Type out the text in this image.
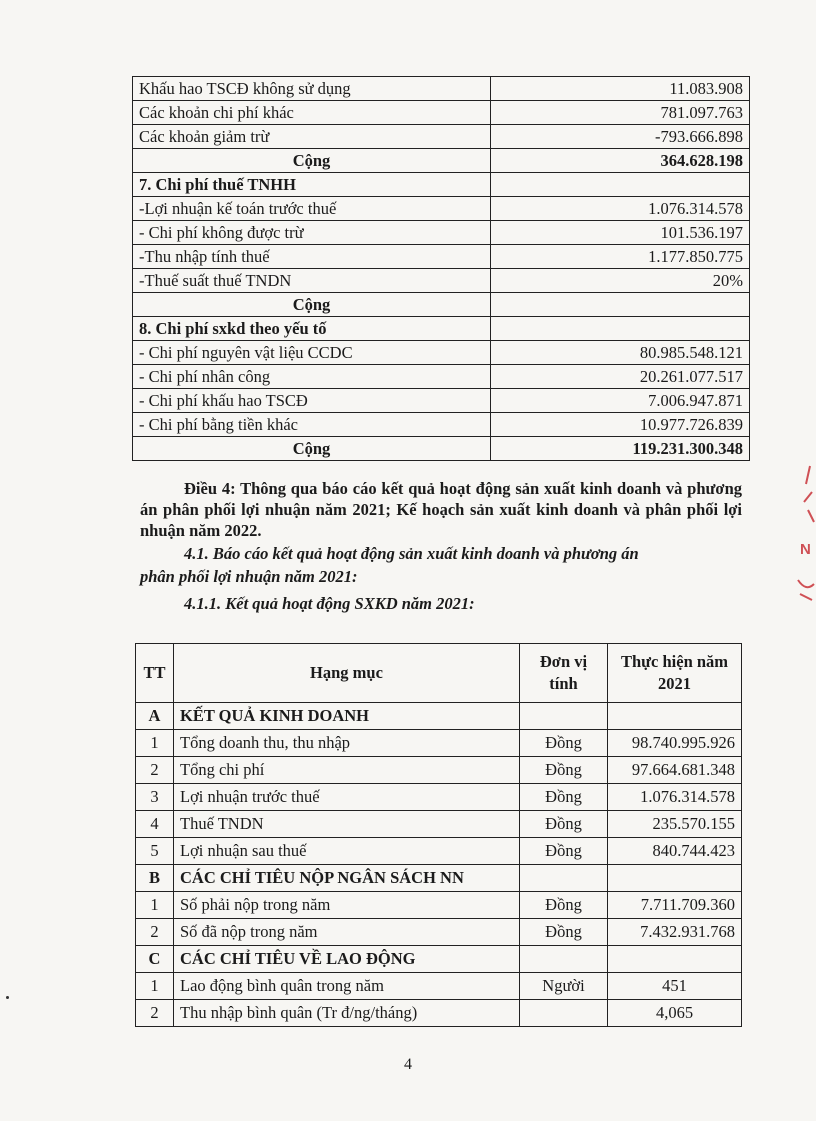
Khấu hao TSCĐ không sử dụng	11.083.908
Các khoản chi phí khác	781.097.763
Các khoản giảm trừ	-793.666.898
Cộng	364.628.198
7. Chi phí thuế TNHH	
-Lợi nhuận kế toán trước thuế	1.076.314.578
- Chi phí không được trừ	101.536.197
-Thu nhập tính thuế	1.177.850.775
-Thuế suất thuế TNDN	20%
Cộng	
8. Chi phí sxkd theo yếu tố	
- Chi phí nguyên vật liệu CCDC	80.985.548.121
- Chi phí nhân công	20.261.077.517
- Chi phí khấu hao TSCĐ	7.006.947.871
- Chi phí bằng tiền khác	10.977.726.839
Cộng	119.231.300.348
Điều 4: Thông qua báo cáo kết quả hoạt động sản xuất kinh doanh và phương án phân phối lợi nhuận năm 2021; Kế hoạch sản xuất kinh doanh và phân phối lợi nhuận năm 2022.
4.1. Báo cáo kết quả hoạt động sản xuất kinh doanh và phương án
phân phối lợi nhuận năm 2021:
4.1.1. Kết quả hoạt động SXKD năm 2021:
TT	Hạng mục	Đơn vị tính	Thực hiện năm 2021
A	KẾT QUẢ KINH DOANH		
1	Tổng doanh thu, thu nhập	Đồng	98.740.995.926
2	Tổng chi phí	Đồng	97.664.681.348
3	Lợi nhuận trước thuế	Đồng	1.076.314.578
4	Thuế TNDN	Đồng	235.570.155
5	Lợi nhuận sau thuế	Đồng	840.744.423
B	CÁC CHỈ TIÊU NỘP NGÂN SÁCH NN		
1	Số phải nộp trong năm	Đồng	7.711.709.360
2	Số đã nộp trong năm	Đồng	7.432.931.768
C	CÁC CHỈ TIÊU VỀ LAO ĐỘNG		
1	Lao động bình quân trong năm	Người	451
2	Thu nhập bình quân (Tr đ/ng/tháng)		4,065
4
N
